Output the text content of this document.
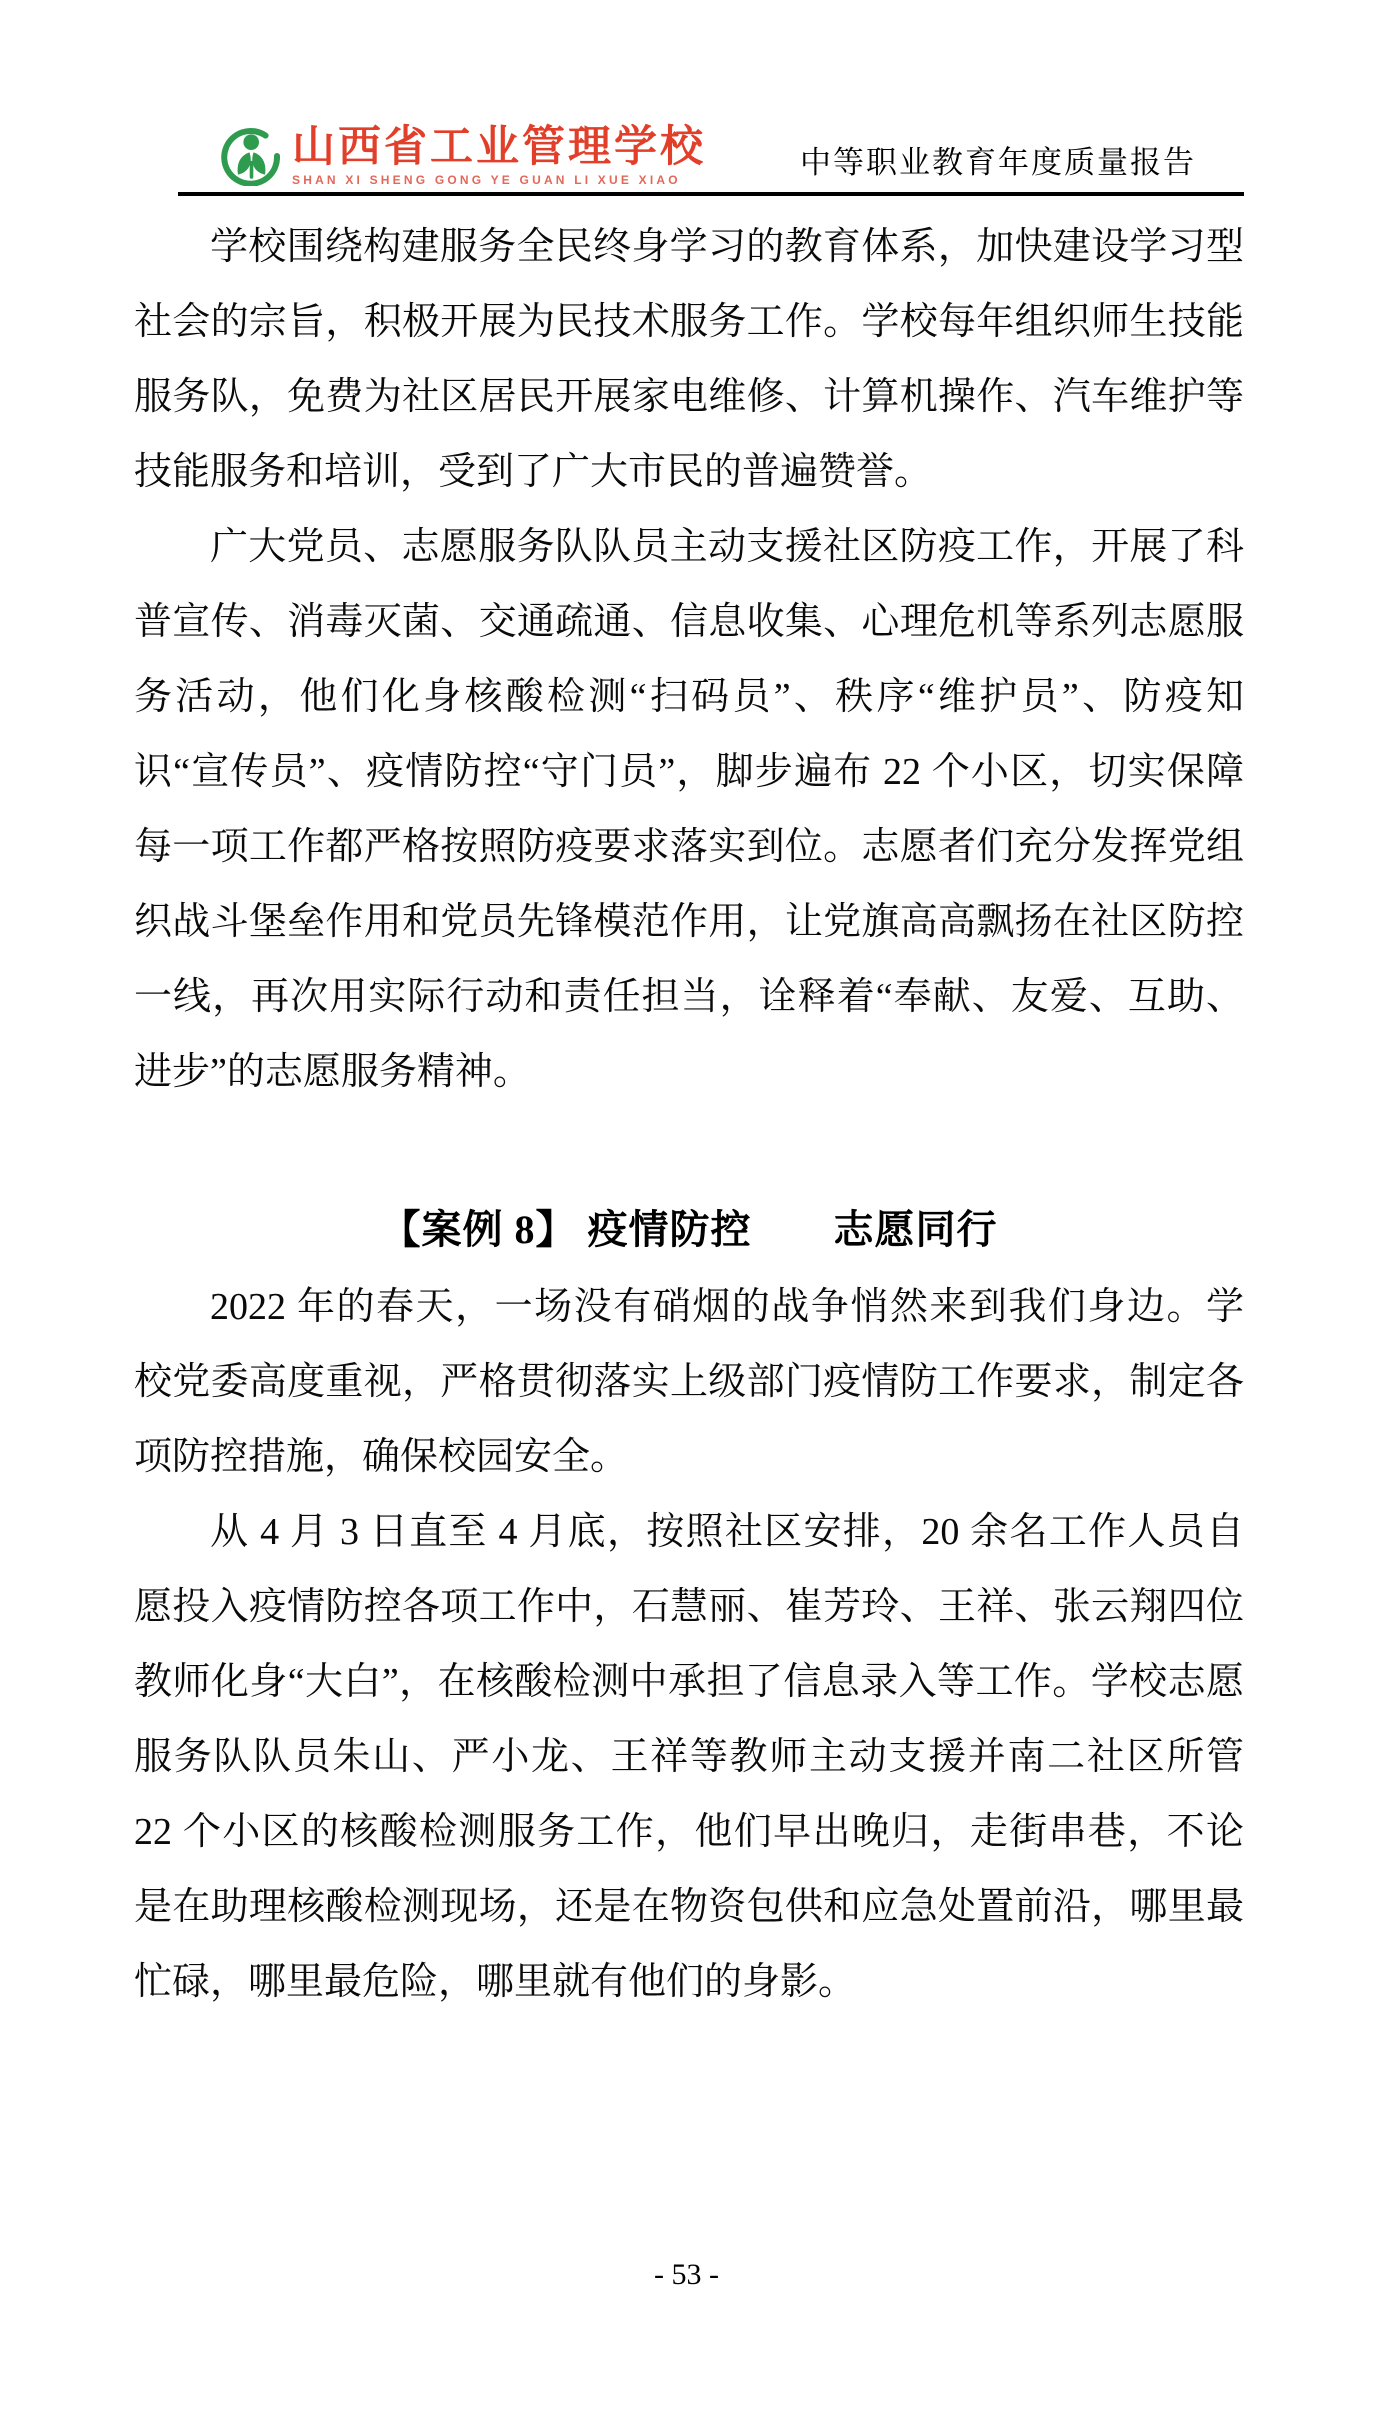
山西省工业管理学校
SHAN XI SHENG GONG YE GUAN LI XUE XIAO	中等职业教育年度质量报告

学校围绕构建服务全民终身学习的教育体系，加快建设学习型社会的宗旨，积极开展为民技术服务工作。学校每年组织师生技能服务队，免费为社区居民开展家电维修、计算机操作、汽车维护等技能服务和培训，受到了广大市民的普遍赞誉。

广大党员、志愿服务队队员主动支援社区防疫工作，开展了科普宣传、消毒灭菌、交通疏通、信息收集、心理危机等系列志愿服务活动，他们化身核酸检测“扫码员”、秩序“维护员”、防疫知识“宣传员”、疫情防控“守门员”，脚步遍布 22 个小区，切实保障每一项工作都严格按照防疫要求落实到位。志愿者们充分发挥党组织战斗堡垒作用和党员先锋模范作用，让党旗高高飘扬在社区防控一线，再次用实际行动和责任担当，诠释着“奉献、友爱、互助、进步”的志愿服务精神。

【案例 8】 疫情防控　　志愿同行

2022 年的春天，一场没有硝烟的战争悄然来到我们身边。学校党委高度重视，严格贯彻落实上级部门疫情防工作要求，制定各项防控措施，确保校园安全。

从 4 月 3 日直至 4 月底，按照社区安排，20 余名工作人员自愿投入疫情防控各项工作中，石慧丽、崔芳玲、王祥、张云翔四位教师化身“大白”，在核酸检测中承担了信息录入等工作。学校志愿服务队队员朱山、严小龙、王祥等教师主动支援并南二社区所管 22 个小区的核酸检测服务工作，他们早出晚归，走街串巷，不论是在助理核酸检测现场，还是在物资包供和应急处置前沿，哪里最忙碌，哪里最危险，哪里就有他们的身影。

- 53 -
